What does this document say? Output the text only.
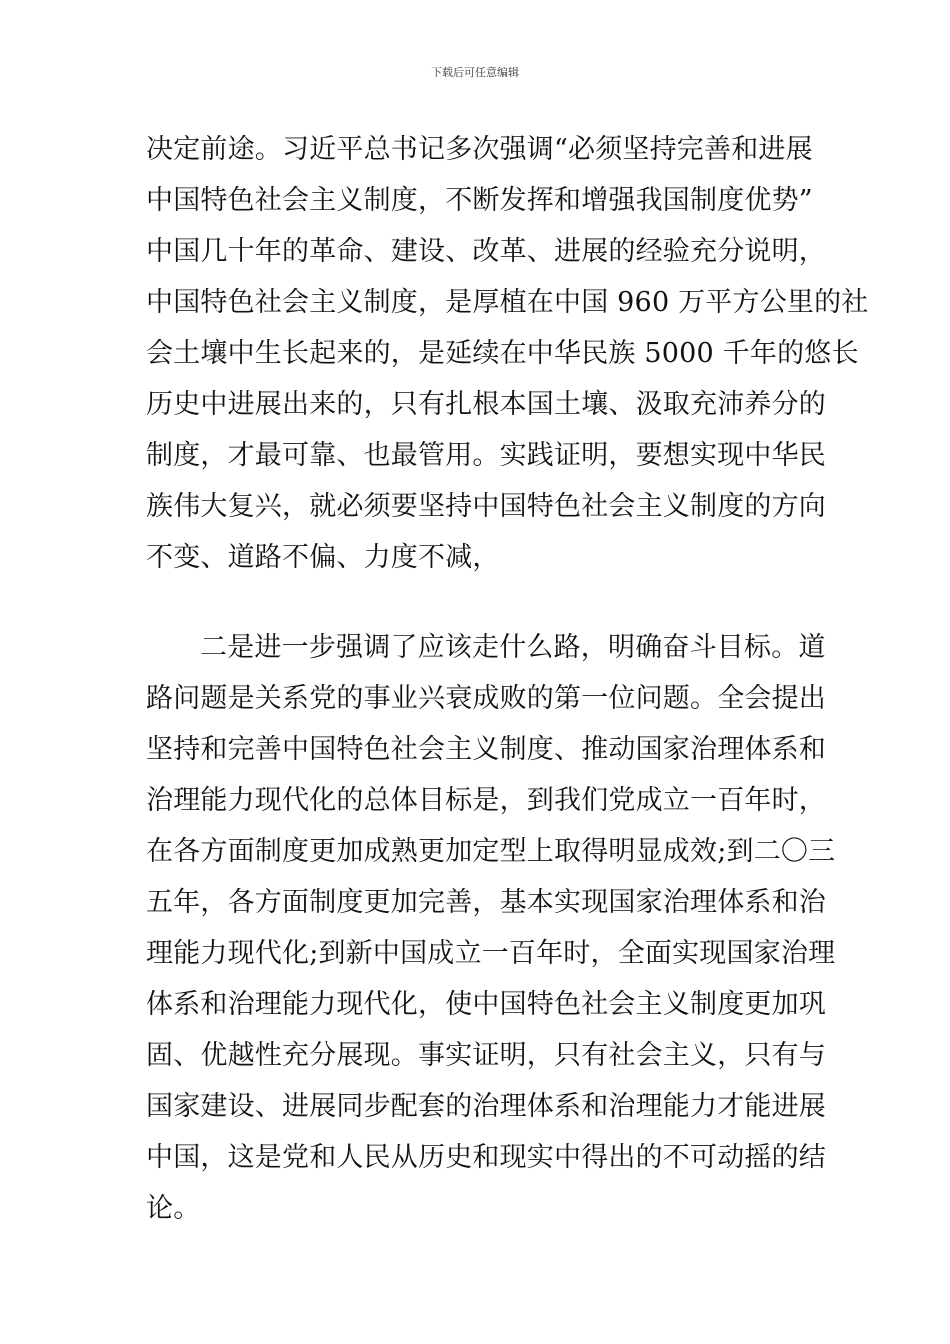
下载后可任意编辑
决定前途。习近平总书记多次强调“必须坚持完善和进展
中国特色社会主义制度，不断发挥和增强我国制度优势”
中国几十年的革命、建设、改革、进展的经验充分说明，
中国特色社会主义制度，是厚植在中国 960 万平方公里的社
会土壤中生长起来的，是延续在中华民族 5000 千年的悠长
历史中进展出来的，只有扎根本国土壤、汲取充沛养分的
制度，才最可靠、也最管用。实践证明，要想实现中华民
族伟大复兴，就必须要坚持中国特色社会主义制度的方向
不变、道路不偏、力度不减，
二是进一步强调了应该走什么路，明确奋斗目标。道
路问题是关系党的事业兴衰成败的第一位问题。全会提出
坚持和完善中国特色社会主义制度、推动国家治理体系和
治理能力现代化的总体目标是，到我们党成立一百年时，
在各方面制度更加成熟更加定型上取得明显成效;到二〇三
五年，各方面制度更加完善，基本实现国家治理体系和治
理能力现代化;到新中国成立一百年时，全面实现国家治理
体系和治理能力现代化，使中国特色社会主义制度更加巩
固、优越性充分展现。事实证明，只有社会主义，只有与
国家建设、进展同步配套的治理体系和治理能力才能进展
中国，这是党和人民从历史和现实中得出的不可动摇的结
论。
